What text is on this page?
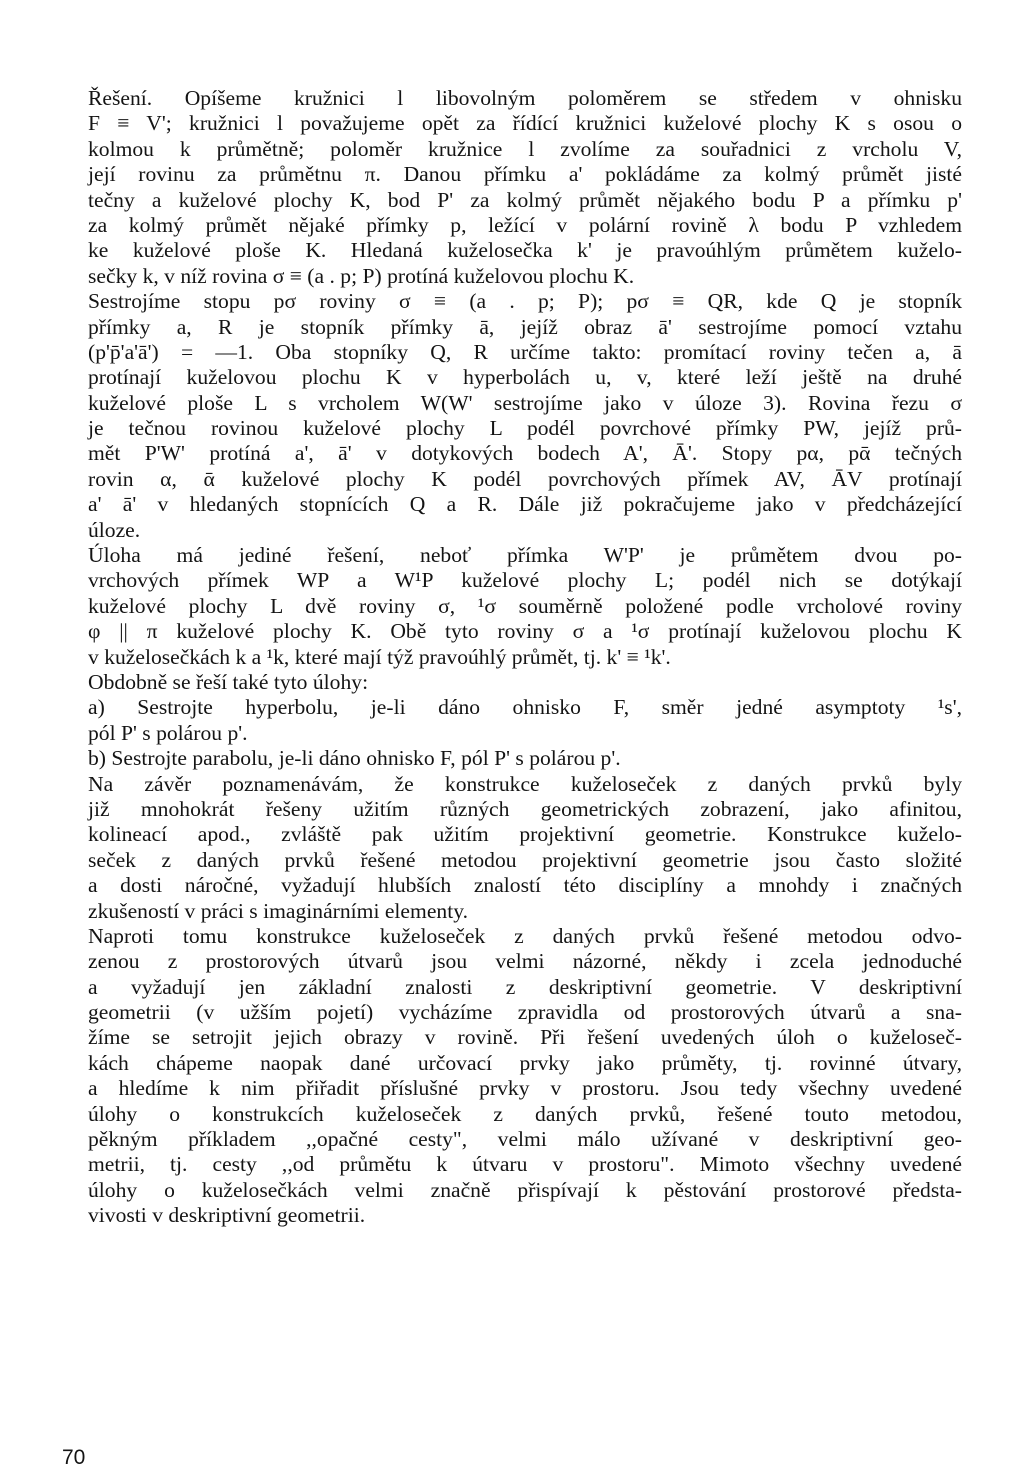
Řešení. Opíšeme kružnici l libovolným poloměrem se středem v ohnisku
F ≡ V'; kružnici l považujeme opět za řídící kružnici kuželové plochy K s osou o
kolmou k průmětně; poloměr kružnice l zvolíme za souřadnici z vrcholu V,
její rovinu za průmětnu π. Danou přímku a' pokládáme za kolmý průmět jisté
tečny a kuželové plochy K, bod P' za kolmý průmět nějakého bodu P a přímku p'
za kolmý průmět nějaké přímky p, ležící v polární rovině λ bodu P vzhledem
ke kuželové ploše K. Hledaná kuželosečka k' je pravoúhlým průmětem kuželo-
sečky k, v níž rovina σ ≡ (a . p; P) protíná kuželovou plochu K.
Sestrojíme stopu pσ roviny σ ≡ (a . p; P); pσ ≡ QR, kde Q je stopník
přímky a, R je stopník přímky ā, jejíž obraz ā' sestrojíme pomocí vztahu
(p'p̄'a'ā') = —1. Oba stopníky Q, R určíme takto: promítací roviny tečen a, ā
protínají kuželovou plochu K v hyperbolách u, v, které leží ještě na druhé
kuželové ploše L s vrcholem W(W' sestrojíme jako v úloze 3). Rovina řezu σ
je tečnou rovinou kuželové plochy L podél povrchové přímky PW, jejíž prů-
mět P'W' protíná a', ā' v dotykových bodech A', Ā'. Stopy pα, pᾱ tečných
rovin α, ᾱ kuželové plochy K podél povrchových přímek AV, ĀV protínají
a' ā' v hledaných stopnících Q a R. Dále již pokračujeme jako v předcházející
úloze.
Úloha má jediné řešení, neboť přímka W'P' je průmětem dvou po-
vrchových přímek WP a W¹P kuželové plochy L; podél nich se dotýkají
kuželové plochy L dvě roviny σ, ¹σ souměrně položené podle vrcholové roviny
φ || π kuželové plochy K. Obě tyto roviny σ a ¹σ protínají kuželovou plochu K
v kuželosečkách k a ¹k, které mají týž pravoúhlý průmět, tj. k' ≡ ¹k'.
Obdobně se řeší také tyto úlohy:
a) Sestrojte hyperbolu, je-li dáno ohnisko F, směr jedné asymptoty ¹s',
pól P' s polárou p'.
b) Sestrojte parabolu, je-li dáno ohnisko F, pól P' s polárou p'.
Na závěr poznamenávám, že konstrukce kuželoseček z daných prvků byly
již mnohokrát řešeny užitím různých geometrických zobrazení, jako afinitou,
kolineací apod., zvláště pak užitím projektivní geometrie. Konstrukce kuželo-
seček z daných prvků řešené metodou projektivní geometrie jsou často složité
a dosti náročné, vyžadují hlubších znalostí této disciplíny a mnohdy i značných
zkušeností v práci s imaginárními elementy.
Naproti tomu konstrukce kuželoseček z daných prvků řešené metodou odvo-
zenou z prostorových útvarů jsou velmi názorné, někdy i zcela jednoduché
a vyžadují jen základní znalosti z deskriptivní geometrie. V deskriptivní
geometrii (v užším pojetí) vycházíme zpravidla od prostorových útvarů a sna-
žíme se setrojit jejich obrazy v rovině. Při řešení uvedených úloh o kuželoseč-
kách chápeme naopak dané určovací prvky jako průměty, tj. rovinné útvary,
a hledíme k nim přiřadit příslušné prvky v prostoru. Jsou tedy všechny uvedené
úlohy o konstrukcích kuželoseček z daných prvků, řešené touto metodou,
pěkným příkladem ,,opačné cesty", velmi málo užívané v deskriptivní geo-
metrii, tj. cesty ,,od průmětu k útvaru v prostoru". Mimoto všechny uvedené
úlohy o kuželosečkách velmi značně přispívají k pěstování prostorové předsta-
vivosti v deskriptivní geometrii.
70
